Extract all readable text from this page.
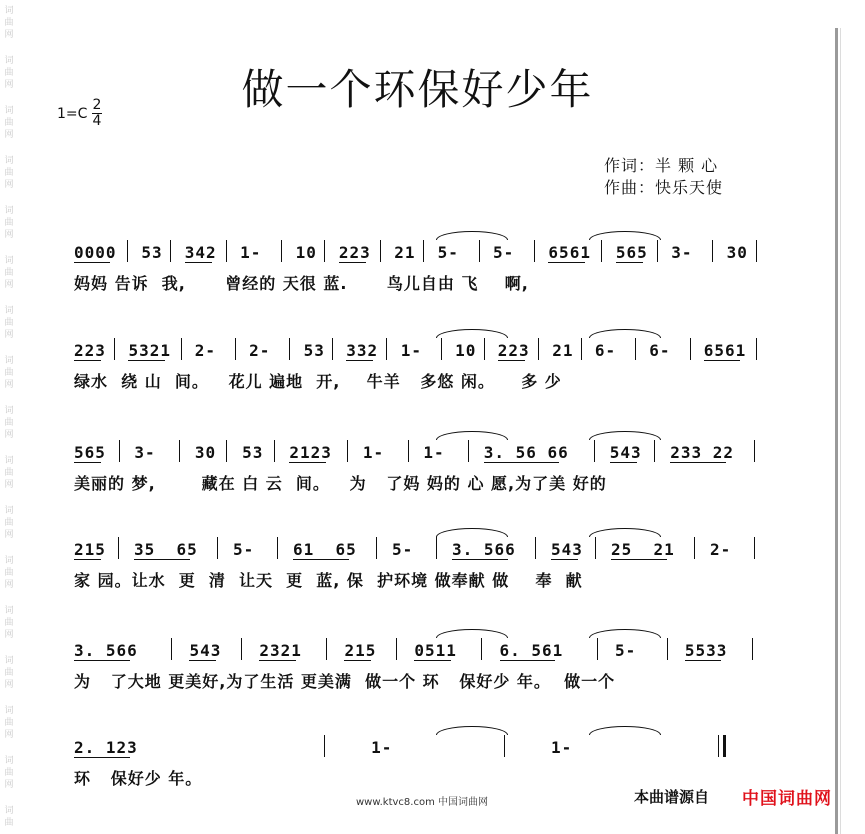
词
曲
网
词
曲
网
词
曲
网
词
曲
网
词
曲
网
词
曲
网
词
曲
网
词
曲
网
词
曲
网
词
曲
网
词
曲
网
词
曲
网
词
曲
网
词
曲
网
词
曲
网
词
曲
网
词
曲
做一个环保好少年
$1=C \frac{2}{4}$
作词：半 颗 心
作曲：快乐天使
0000 53 342 1- 10 223 21 5- 5- 6561 565 3- 30
妈妈 告诉  我,      曾经的 天很 蓝.      鸟儿自由 飞    啊,
223 5321 2- 2- 53 332 1- 10 223 21 6- 6- 6561
绿水  绕 山  间。   花儿 遍地  开,    牛羊   多悠 闲。    多 少
565 3- 30 53 2123 1- 1- 3. 56 66	543 233 22
美丽的 梦,       藏在 白 云  间。   为   了妈 妈的 心 愿,为了美 好的
215 35  65 5- 61  65 5- 3. 566 543 25  21 2-
家 园。让水  更  清  让天  更  蓝, 保  护环境 做奉献 做    奉  献
3. 566	543 2321	215 0511	6. 561	5-	5533
为   了大地 更美好,为了生活 更美满  做一个 环   保好少 年。  做一个
2. 123	1-	1-
环   保好少 年。
www.ktvc8.com 中国词曲网	本曲谱源自 中国词曲网
